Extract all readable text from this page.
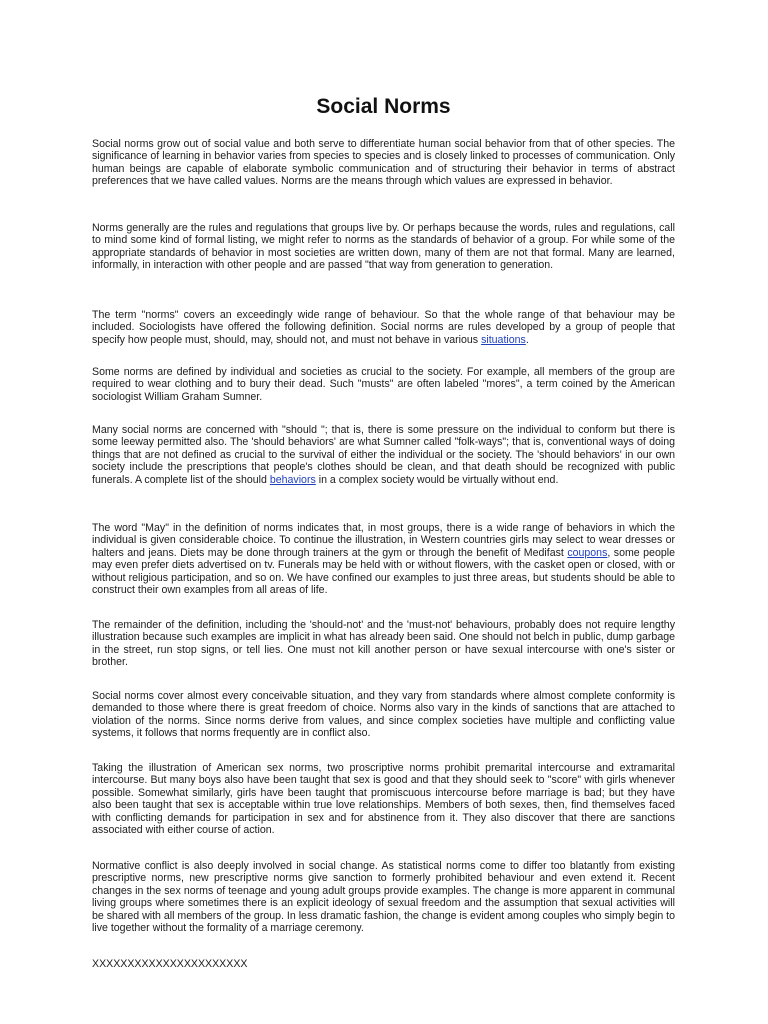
Social Norms

Social norms grow out of social value and both serve to differentiate human social behavior from that of other species. The significance of learning in behavior varies from species to species and is closely linked to processes of communication. Only human beings are capable of elaborate symbolic communication and of structuring their behavior in terms of abstract preferences that we have called values. Norms are the means through which values are expressed in behavior.

Norms generally are the rules and regulations that groups live by. Or perhaps because the words, rules and regulations, call to mind some kind of formal listing, we might refer to norms as the standards of behavior of a group. For while some of the appropriate standards of behavior in most societies are written down, many of them are not that formal. Many are learned, informally, in interaction with other people and are passed "that way from generation to generation.

The term "norms" covers an exceedingly wide range of behaviour. So that the whole range of that behaviour may be included. Sociologists have offered the following definition. Social norms are rules developed by a group of people that specify how people must, should, may, should not, and must not behave in various situations.

Some norms are defined by individual and societies as crucial to the society. For example, all members of the group are required to wear clothing and to bury their dead. Such "musts" are often labeled "mores", a term coined by the American sociologist William Graham Sumner.

Many social norms are concerned with "should "; that is, there is some pressure on the individual to conform but there is some leeway permitted also. The 'should behaviors' are what Sumner called "folk-ways"; that is, conventional ways of doing things that are not defined as crucial to the survival of either the individual or the society. The 'should behaviors' in our own society include the prescriptions that people's clothes should be clean, and that death should be recognized with public funerals. A complete list of the should behaviors in a complex society would be virtually without end.

The word "May" in the definition of norms indicates that, in most groups, there is a wide range of behaviors in which the individual is given considerable choice. To continue the illustration, in Western countries girls may select to wear dresses or halters and jeans. Diets may be done through trainers at the gym or through the benefit of Medifast coupons, some people may even prefer diets advertised on tv. Funerals may be held with or without flowers, with the casket open or closed, with or without religious participation, and so on. We have confined our examples to just three areas, but students should be able to construct their own examples from all areas of life.

The remainder of the definition, including the 'should-not' and the 'must-not' behaviours, probably does not require lengthy illustration because such examples are implicit in what has already been said. One should not belch in public, dump garbage in the street, run stop signs, or tell lies. One must not kill another person or have sexual intercourse with one's sister or brother.

Social norms cover almost every conceivable situation, and they vary from standards where almost complete conformity is demanded to those where there is great freedom of choice. Norms also vary in the kinds of sanctions that are attached to violation of the norms. Since norms derive from values, and since complex societies have multiple and conflicting value systems, it follows that norms frequently are in conflict also.

Taking the illustration of American sex norms, two proscriptive norms prohibit premarital intercourse and extramarital intercourse. But many boys also have been taught that sex is good and that they should seek to "score" with girls whenever possible. Somewhat similarly, girls have been taught that promiscuous intercourse before marriage is bad; but they have also been taught that sex is acceptable within true love relationships. Members of both sexes, then, find themselves faced with conflicting demands for participation in sex and for abstinence from it. They also discover that there are sanctions associated with either course of action.

Normative conflict is also deeply involved in social change. As statistical norms come to differ too blatantly from existing prescriptive norms, new prescriptive norms give sanction to formerly prohibited behaviour and even extend it. Recent changes in the sex norms of teenage and young adult groups provide examples. The change is more apparent in communal living groups where sometimes there is an explicit ideology of sexual freedom and the assumption that sexual activities will be shared with all members of the group. In less dramatic fashion, the change is evident among couples who simply begin to live together without the formality of a marriage ceremony.

XXXXXXXXXXXXXXXXXXXXXX
